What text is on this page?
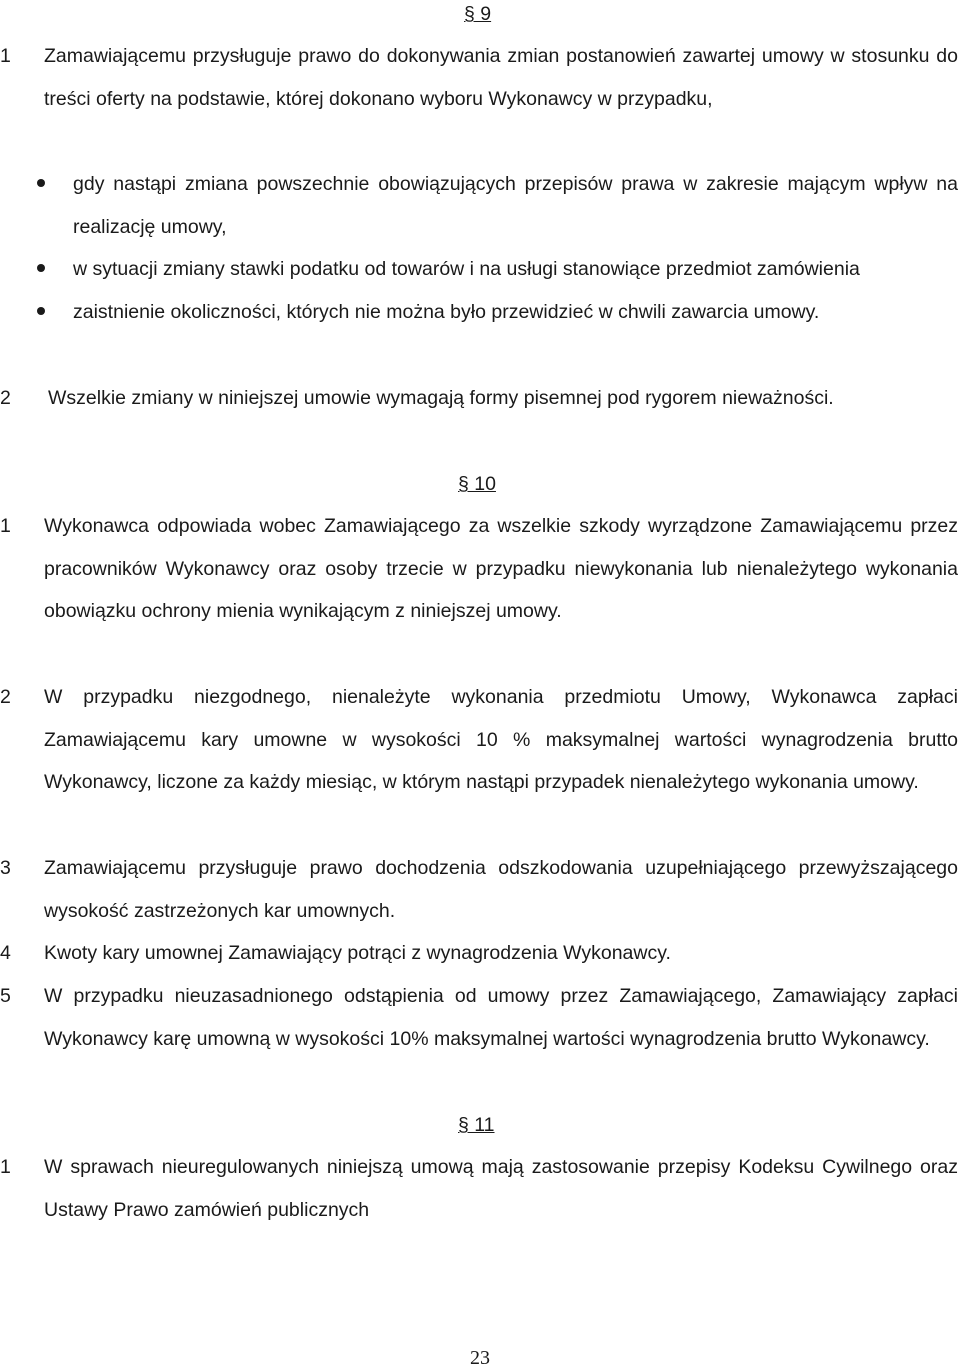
§ 9
1	Zamawiającemu przysługuje prawo do dokonywania zmian postanowień zawartej umowy w stosunku do treści oferty na podstawie, której dokonano wyboru Wykonawcy w przypadku,
gdy nastąpi zmiana powszechnie obowiązujących przepisów prawa w zakresie mającym wpływ na realizację umowy,
w sytuacji zmiany stawki podatku od towarów i na usługi stanowiące przedmiot zamówienia
zaistnienie okoliczności, których nie można było przewidzieć w chwili zawarcia umowy.
2	Wszelkie zmiany w niniejszej umowie wymagają formy pisemnej pod rygorem nieważności.
§ 10
1	Wykonawca odpowiada wobec Zamawiającego za wszelkie szkody wyrządzone Zamawiającemu przez pracowników Wykonawcy oraz osoby trzecie w przypadku niewykonania lub nienależytego wykonania obowiązku ochrony mienia wynikającym z niniejszej umowy.
2	W przypadku niezgodnego, nienależyte wykonania przedmiotu Umowy, Wykonawca zapłaci Zamawiającemu kary umowne w wysokości 10 % maksymalnej wartości wynagrodzenia brutto Wykonawcy, liczone za każdy miesiąc, w którym nastąpi przypadek nienależytego wykonania umowy.
3	Zamawiającemu przysługuje prawo dochodzenia odszkodowania uzupełniającego przewyższającego wysokość zastrzeżonych kar umownych.
4	Kwoty kary umownej Zamawiający potrąci z wynagrodzenia Wykonawcy.
5	W przypadku nieuzasadnionego odstąpienia od umowy przez Zamawiającego, Zamawiający zapłaci Wykonawcy karę umowną w wysokości 10% maksymalnej wartości wynagrodzenia brutto Wykonawcy.
§ 11
1	W sprawach nieuregulowanych niniejszą umową mają zastosowanie przepisy Kodeksu Cywilnego oraz Ustawy Prawo zamówień publicznych
23
